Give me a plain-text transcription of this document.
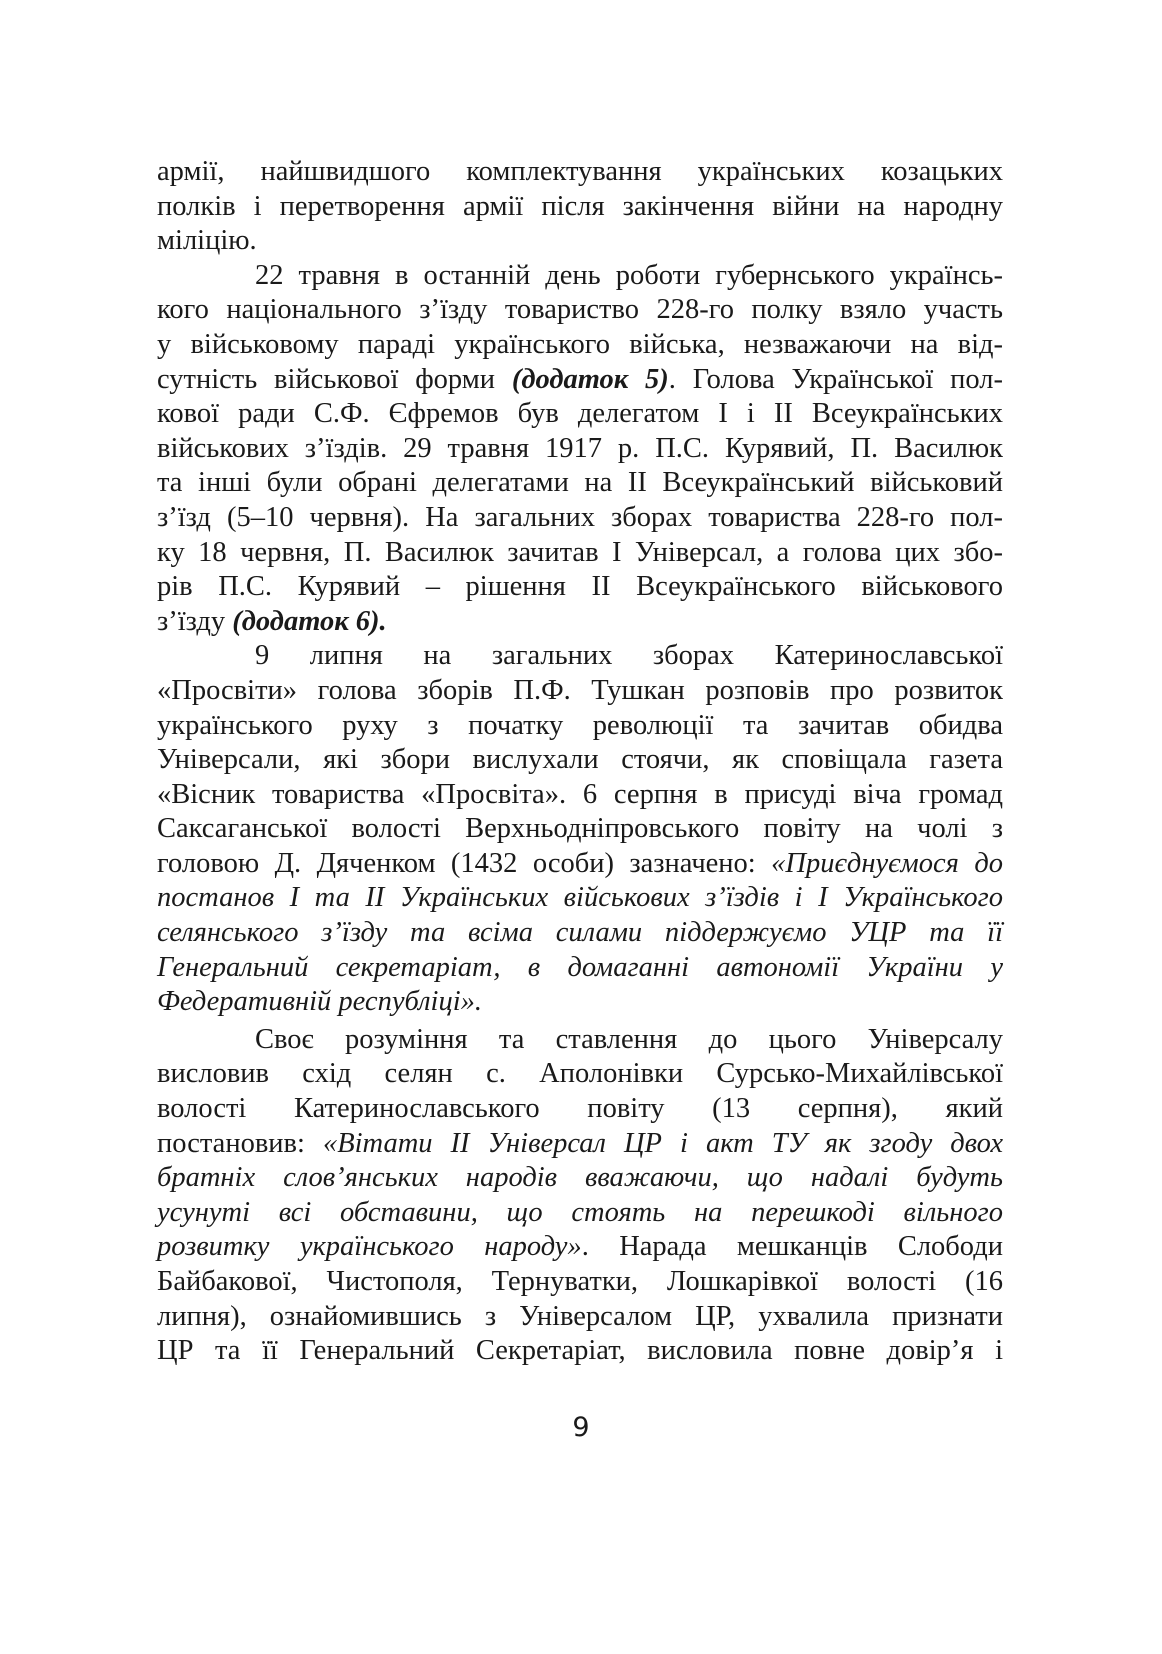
армії, найшвидшого комплектування українських козацьких
полків і перетворення армії після закінчення війни на народну
міліцію.
22 травня в останній день роботи губернського українсь-
кого національного з’їзду товариство 228-го полку взяло участь
у військовому параді українського війська, незважаючи на від-
сутність військової форми (додаток 5). Голова Української пол-
кової ради С.Ф. Єфремов був делегатом І і ІІ Всеукраїнських
військових з’їздів. 29 травня 1917 р. П.С. Курявий, П. Василюк
та інші були обрані делегатами на ІІ Всеукраїнський військовий
з’їзд (5–10 червня). На загальних зборах товариства 228-го пол-
ку 18 червня, П. Василюк зачитав І Універсал, а голова цих збо-
рів П.С. Курявий – рішення ІІ Всеукраїнського військового
з’їзду (додаток 6).
9 липня на загальних зборах Катеринославської
«Просвіти» голова зборів П.Ф. Тушкан розповів про розвиток
українського руху з початку революції та зачитав обидва
Універсали, які збори вислухали стоячи, як сповіщала газета
«Вісник товариства «Просвіта». 6 серпня в присуді віча громад
Саксаганської волості Верхньодніпровського повіту на чолі з
головою Д. Дяченком (1432 особи) зазначено: «Приєднуємося до
постанов І та ІІ Українських військових з’їздів і І Українського
селянського з’їзду та всіма силами піддержуємо УЦР та її
Генеральний секретаріат, в домаганні автономії України у
Федеративній республіці».
Своє розуміння та ставлення до цього Універсалу
висловив схід селян с. Аполонівки Сурсько-Михайлівської
волості Катеринославського повіту (13 серпня), який
постановив: «Вітати ІІ Універсал ЦР і акт ТУ як згоду двох
братніх слов’янських народів вважаючи, що надалі будуть
усунуті всі обставини, що стоять на перешкоді вільного
розвитку українського народу». Нарада мешканців Слободи
Байбакової, Чистополя, Тернуватки, Лошкарівкої волості (16
липня), ознайомившись з Універсалом ЦР, ухвалила признати
ЦР та її Генеральний Секретаріат, висловила повне довір’я і
9
